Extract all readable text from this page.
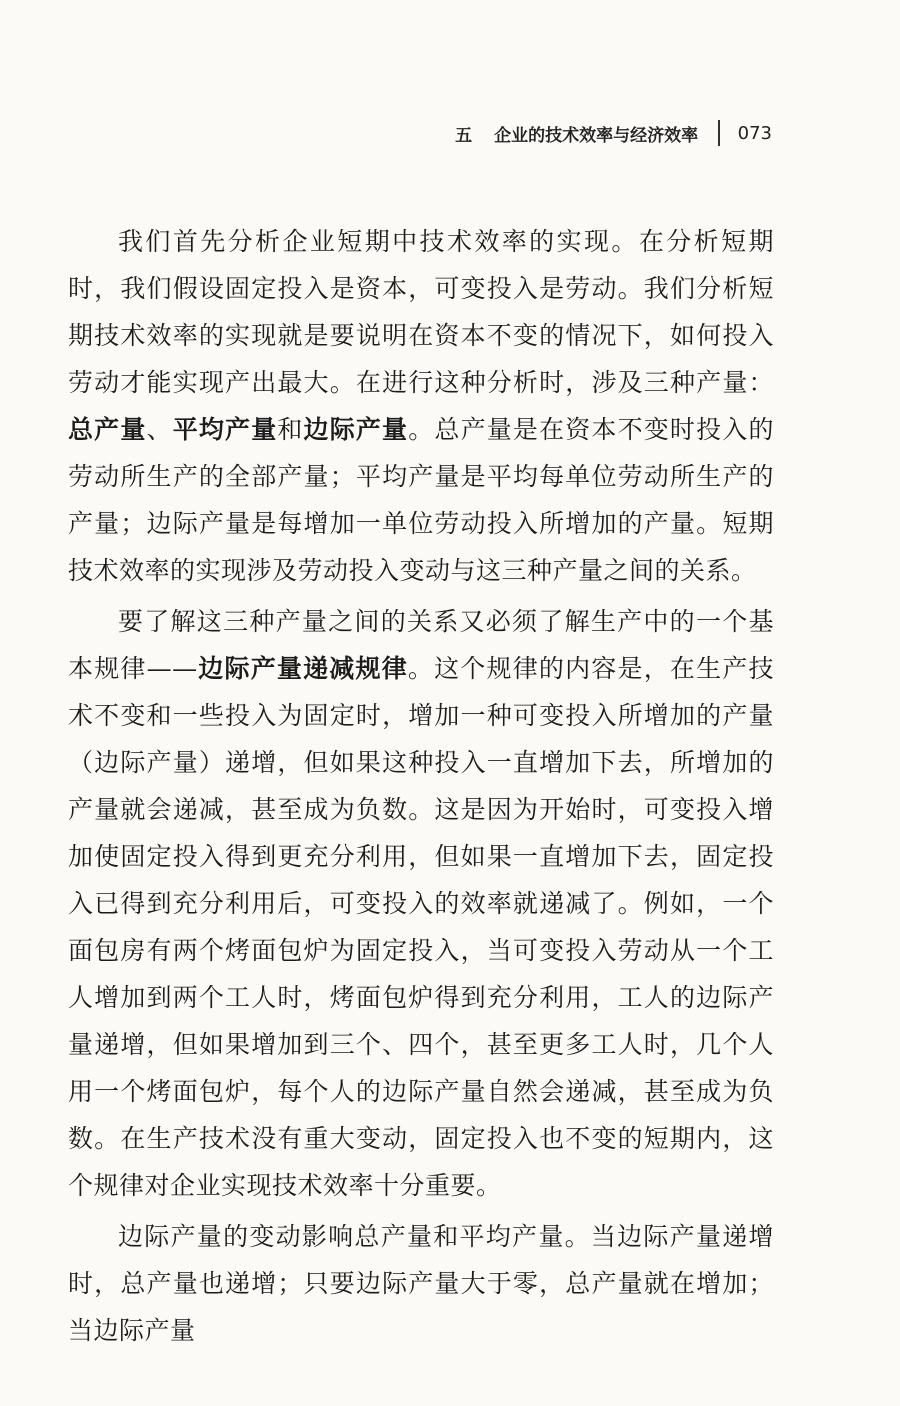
五 企业的技术效率与经济效率 073

我们首先分析企业短期中技术效率的实现。在分析短期时，我们假设固定投入是资本，可变投入是劳动。我们分析短期技术效率的实现就是要说明在资本不变的情况下，如何投入劳动才能实现产出最大。在进行这种分析时，涉及三种产量：总产量、平均产量和边际产量。总产量是在资本不变时投入的劳动所生产的全部产量；平均产量是平均每单位劳动所生产的产量；边际产量是每增加一单位劳动投入所增加的产量。短期技术效率的实现涉及劳动投入变动与这三种产量之间的关系。

要了解这三种产量之间的关系又必须了解生产中的一个基本规律——边际产量递减规律。这个规律的内容是，在生产技术不变和一些投入为固定时，增加一种可变投入所增加的产量（边际产量）递增，但如果这种投入一直增加下去，所增加的产量就会递减，甚至成为负数。这是因为开始时，可变投入增加使固定投入得到更充分利用，但如果一直增加下去，固定投入已得到充分利用后，可变投入的效率就递减了。例如，一个面包房有两个烤面包炉为固定投入，当可变投入劳动从一个工人增加到两个工人时，烤面包炉得到充分利用，工人的边际产量递增，但如果增加到三个、四个，甚至更多工人时，几个人用一个烤面包炉，每个人的边际产量自然会递减，甚至成为负数。在生产技术没有重大变动，固定投入也不变的短期内，这个规律对企业实现技术效率十分重要。

边际产量的变动影响总产量和平均产量。当边际产量递增时，总产量也递增；只要边际产量大于零，总产量就在增加；当边际产量
